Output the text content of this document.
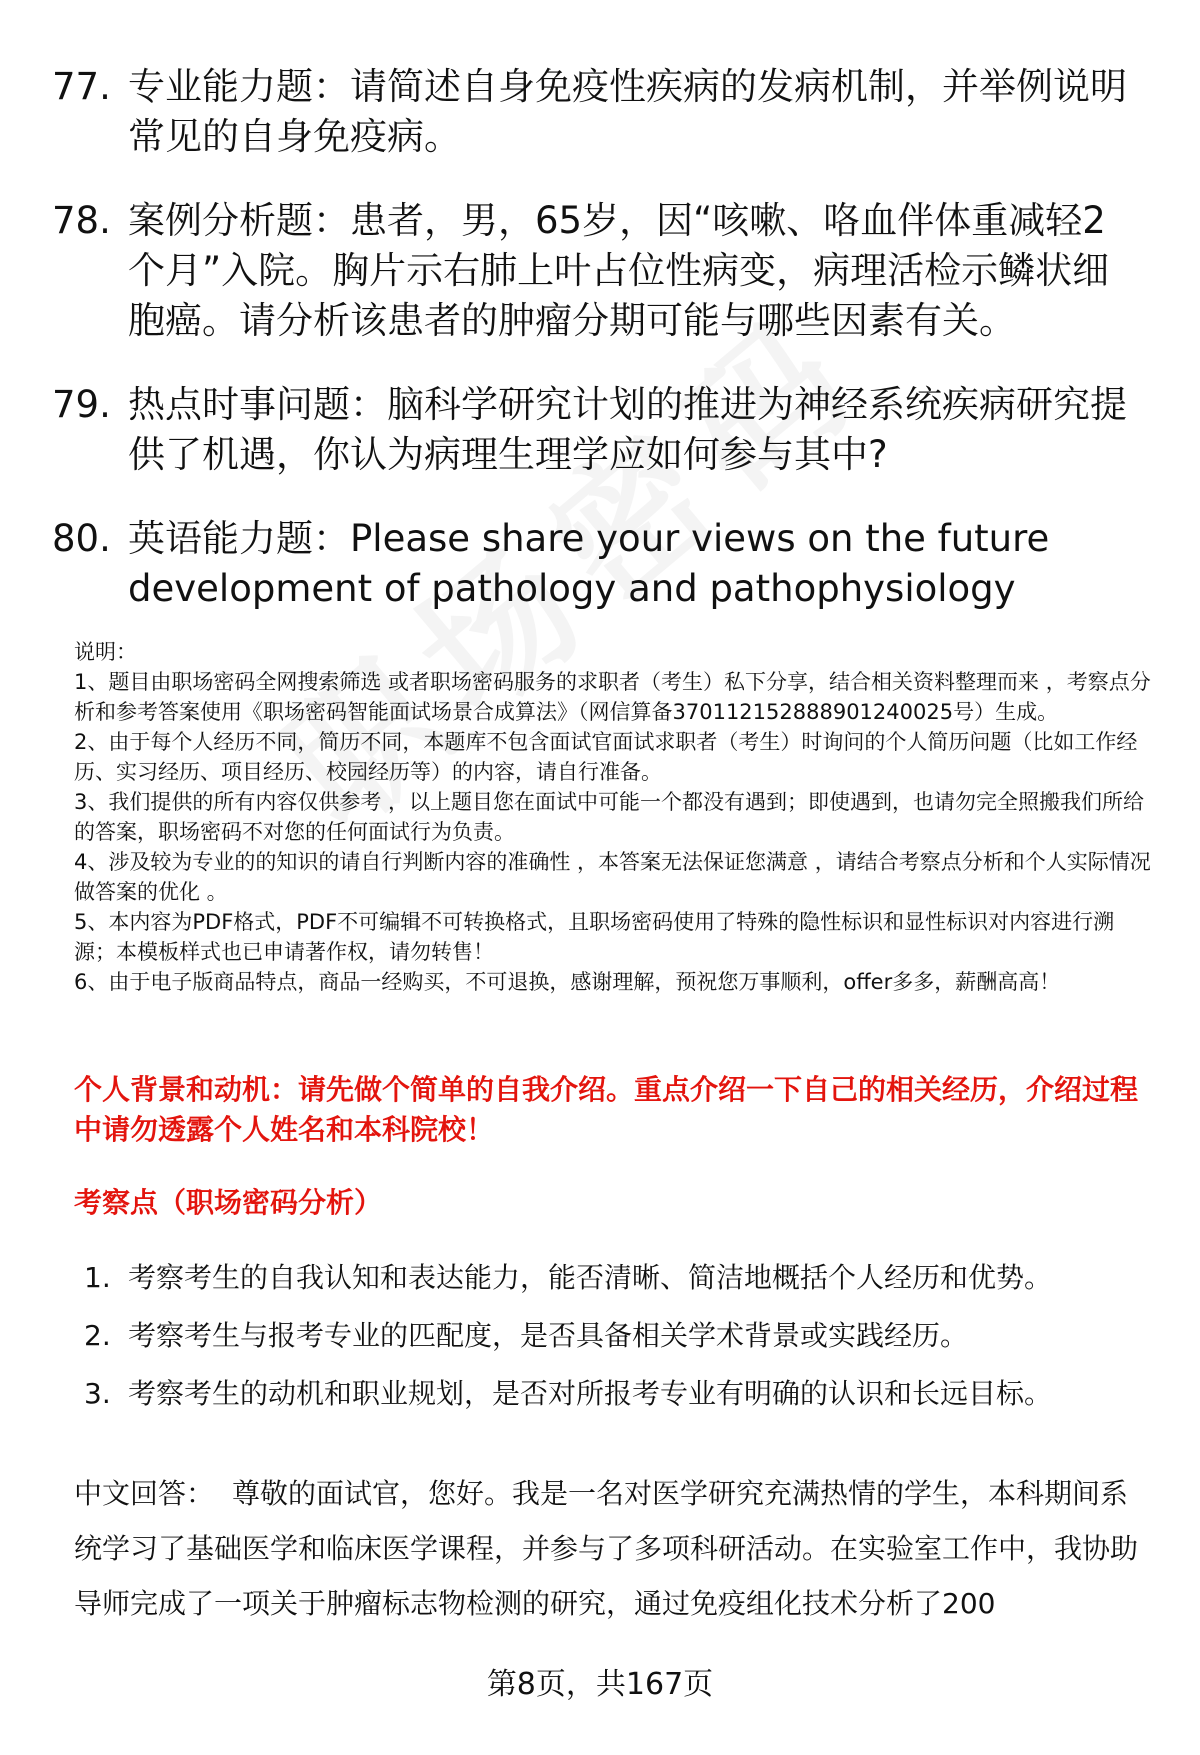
77. 专业能力题：请简述自身免疫性疾病的发病机制，并举例说明常见的自身免疫病。
78. 案例分析题：患者，男，65岁，因“咳嗽、咯血伴体重减轻2个月”入院。胸片示右肺上叶占位性病变，病理活检示鳞状细胞癌。请分析该患者的肿瘤分期可能与哪些因素有关。
79. 热点时事问题：脑科学研究计划的推进为神经系统疾病研究提供了机遇，你认为病理生理学应如何参与其中?
80. 英语能力题：Please share your views on the future development of pathology and pathophysiology

说明：

1、题目由职场密码全网搜索筛选 或者职场密码服务的求职者（考生）私下分享，结合相关资料整理而来 ，考察点分析和参考答案使用《职场密码智能面试场景合成算法》（网信算备370112152888901240025号）生成。

2、由于每个人经历不同，简历不同，本题库不包含面试官面试求职者（考生）时询问的个人简历问题（比如工作经历、实习经历、项目经历、校园经历等）的内容，请自行准备。

3、我们提供的所有内容仅供参考 ，以上题目您在面试中可能一个都没有遇到；即使遇到，也请勿完全照搬我们所给的答案，职场密码不对您的任何面试行为负责。

4、涉及较为专业的的知识的请自行判断内容的准确性 ，本答案无法保证您满意 ，请结合考察点分析和个人实际情况做答案的优化 。

5、本内容为PDF格式，PDF不可编辑不可转换格式，且职场密码使用了特殊的隐性标识和显性标识对内容进行溯源；本模板样式也已申请著作权，请勿转售！

6、由于电子版商品特点，商品一经购买，不可退换，感谢理解，预祝您万事顺利，offer多多，薪酬高高！

个人背景和动机：请先做个简单的自我介绍。重点介绍一下自己的相关经历，介绍过程中请勿透露个人姓名和本科院校！
考察点（职场密码分析）
1. 考察考生的自我认知和表达能力，能否清晰、简洁地概括个人经历和优势。
2. 考察考生与报考专业的匹配度，是否具备相关学术背景或实践经历。
3. 考察考生的动机和职业规划，是否对所报考专业有明确的认识和长远目标。
中文回答： 尊敬的面试官，您好。我是一名对医学研究充满热情的学生，本科期间系统学习了基础医学和临床医学课程，并参与了多项科研活动。在实验室工作中，我协助导师完成了一项关于肿瘤标志物检测的研究，通过免疫组化技术分析了200
第8页，共167页
